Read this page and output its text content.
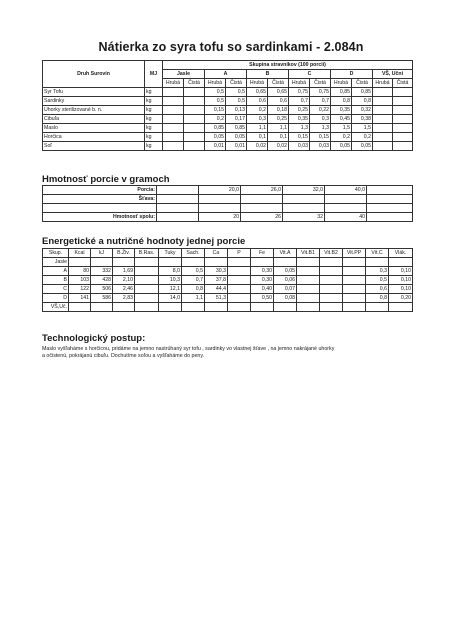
Nátierka zo syra tofu so sardinkami - 2.084n
Druh Surovín	MJ	Skupina stravníkov (100 porcií)											
		Jasle		A		B		C		D		VŠ, Učni	
		Hrubá	Čistá	Hrubá	Čistá	Hrubá	Čistá	Hrubá	Čistá	Hrubá	Čistá	Hrubá	Čistá
Syr Tofu	kg			0,5	0,5	0,65	0,65	0,75	0,75	0,85	0,85		
Sardinky	kg			0,5	0,5	0,6	0,6	0,7	0,7	0,8	0,8		
Uhorky sterilizované b. n.	kg			0,15	0,13	0,2	0,18	0,25	0,22	0,35	0,32		
Cibuľa	kg			0,2	0,17	0,3	0,25	0,35	0,3	0,45	0,38		
Maslo	kg			0,85	0,85	1,1	1,1	1,3	1,3	1,5	1,5		
Horčica	kg			0,05	0,05	0,1	0,1	0,15	0,15	0,2	0,2		
Soľ	kg			0,01	0,01	0,02	0,02	0,03	0,03	0,05	0,05		
Hmotnosť porcie v gramoch
Porcia:		20,0	26,0	32,0	40,0	
Šťava:						

Hmotnosť spolu:		20	26	32	40	
Energetické a nutričné hodnoty jednej porcie
Skup.	Kcal	kJ	B.Živ.	B.Ras.	Tuky	Sach.	Ca	P	Fe	Vit.A	Vit.B1	Vit.B2	Vit.PP	Vit.C	Vlák.
Jasle															
A	80	332	1,69		8,0	0,5	30,3		0,30	0,05				0,3	0,10
B	103	428	2,10		10,3	0,7	37,8		0,30	0,06				0,5	0,10
C	122	506	2,46		12,1	0,8	44,4		0,40	0,07				0,6	0,10
D	141	586	2,83		14,0	1,1	51,3		0,50	0,08				0,8	0,20
VŠ,Uč.															
Technologický postup:
Maslo vyšľaháme s horčicou, pridáme na jemno nastrúhaný syr tofu , sardinky vo vlastnej šťave , na jemno nakrájané uhorky
a očistenú, pokrájanú cibuľu. Dochutíme soľou a vyšľaháme do peny.
